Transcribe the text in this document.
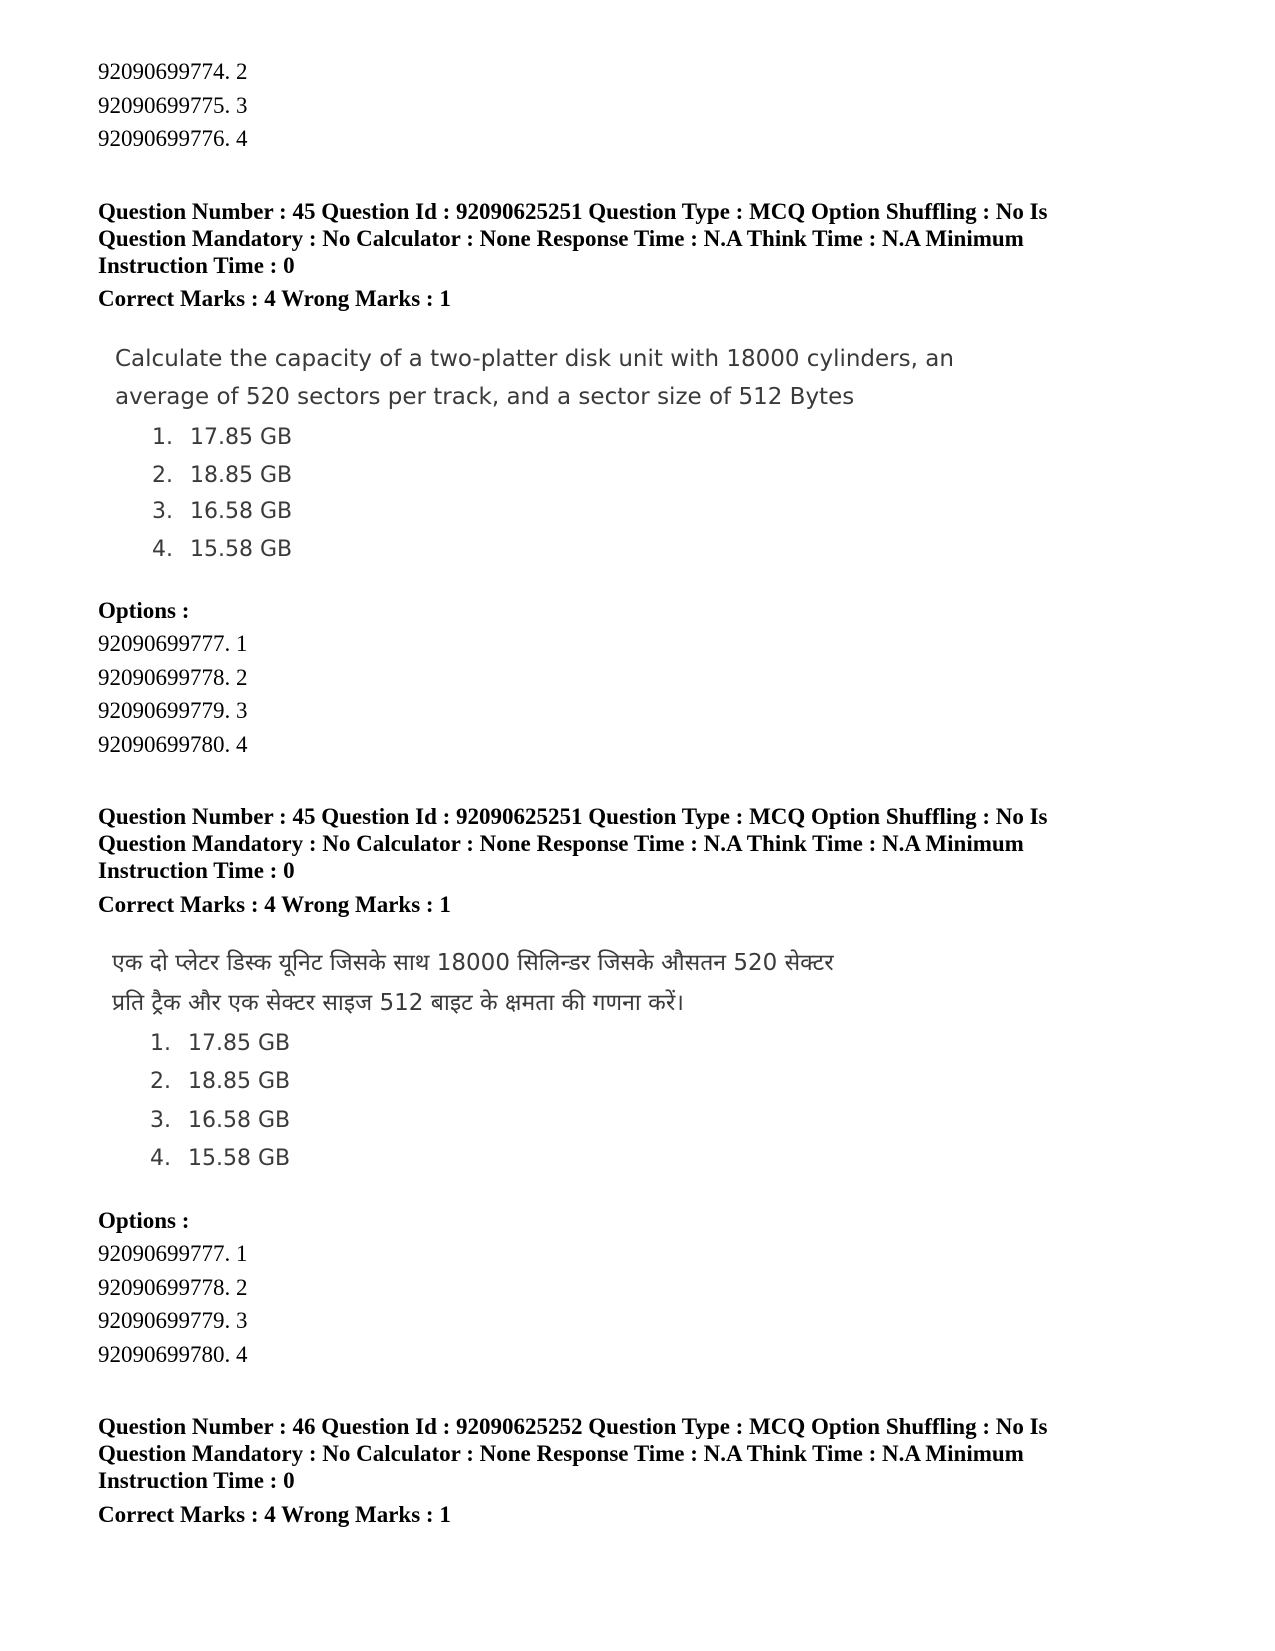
92090699774. 2
92090699775. 3
92090699776. 4
Question Number : 45 Question Id : 92090625251 Question Type : MCQ Option Shuffling : No Is
Question Mandatory : No Calculator : None Response Time : N.A Think Time : N.A Minimum
Instruction Time : 0
Correct Marks : 4 Wrong Marks : 1
Calculate the capacity of a two-platter disk unit with 18000 cylinders, an
average of 520 sectors per track, and a sector size of 512 Bytes
1. 17.85 GB
2. 18.85 GB
3. 16.58 GB
4. 15.58 GB
Options :
92090699777. 1
92090699778. 2
92090699779. 3
92090699780. 4
Question Number : 45 Question Id : 92090625251 Question Type : MCQ Option Shuffling : No Is
Question Mandatory : No Calculator : None Response Time : N.A Think Time : N.A Minimum
Instruction Time : 0
Correct Marks : 4 Wrong Marks : 1
एक दो प्लेटर डिस्क यूनिट जिसके साथ 18000 सिलिन्डर जिसके औसतन 520 सेक्टर
प्रति ट्रैक और एक सेक्टर साइज 512 बाइट के क्षमता की गणना करें।
1. 17.85 GB
2. 18.85 GB
3. 16.58 GB
4. 15.58 GB
Options :
92090699777. 1
92090699778. 2
92090699779. 3
92090699780. 4
Question Number : 46 Question Id : 92090625252 Question Type : MCQ Option Shuffling : No Is
Question Mandatory : No Calculator : None Response Time : N.A Think Time : N.A Minimum
Instruction Time : 0
Correct Marks : 4 Wrong Marks : 1
